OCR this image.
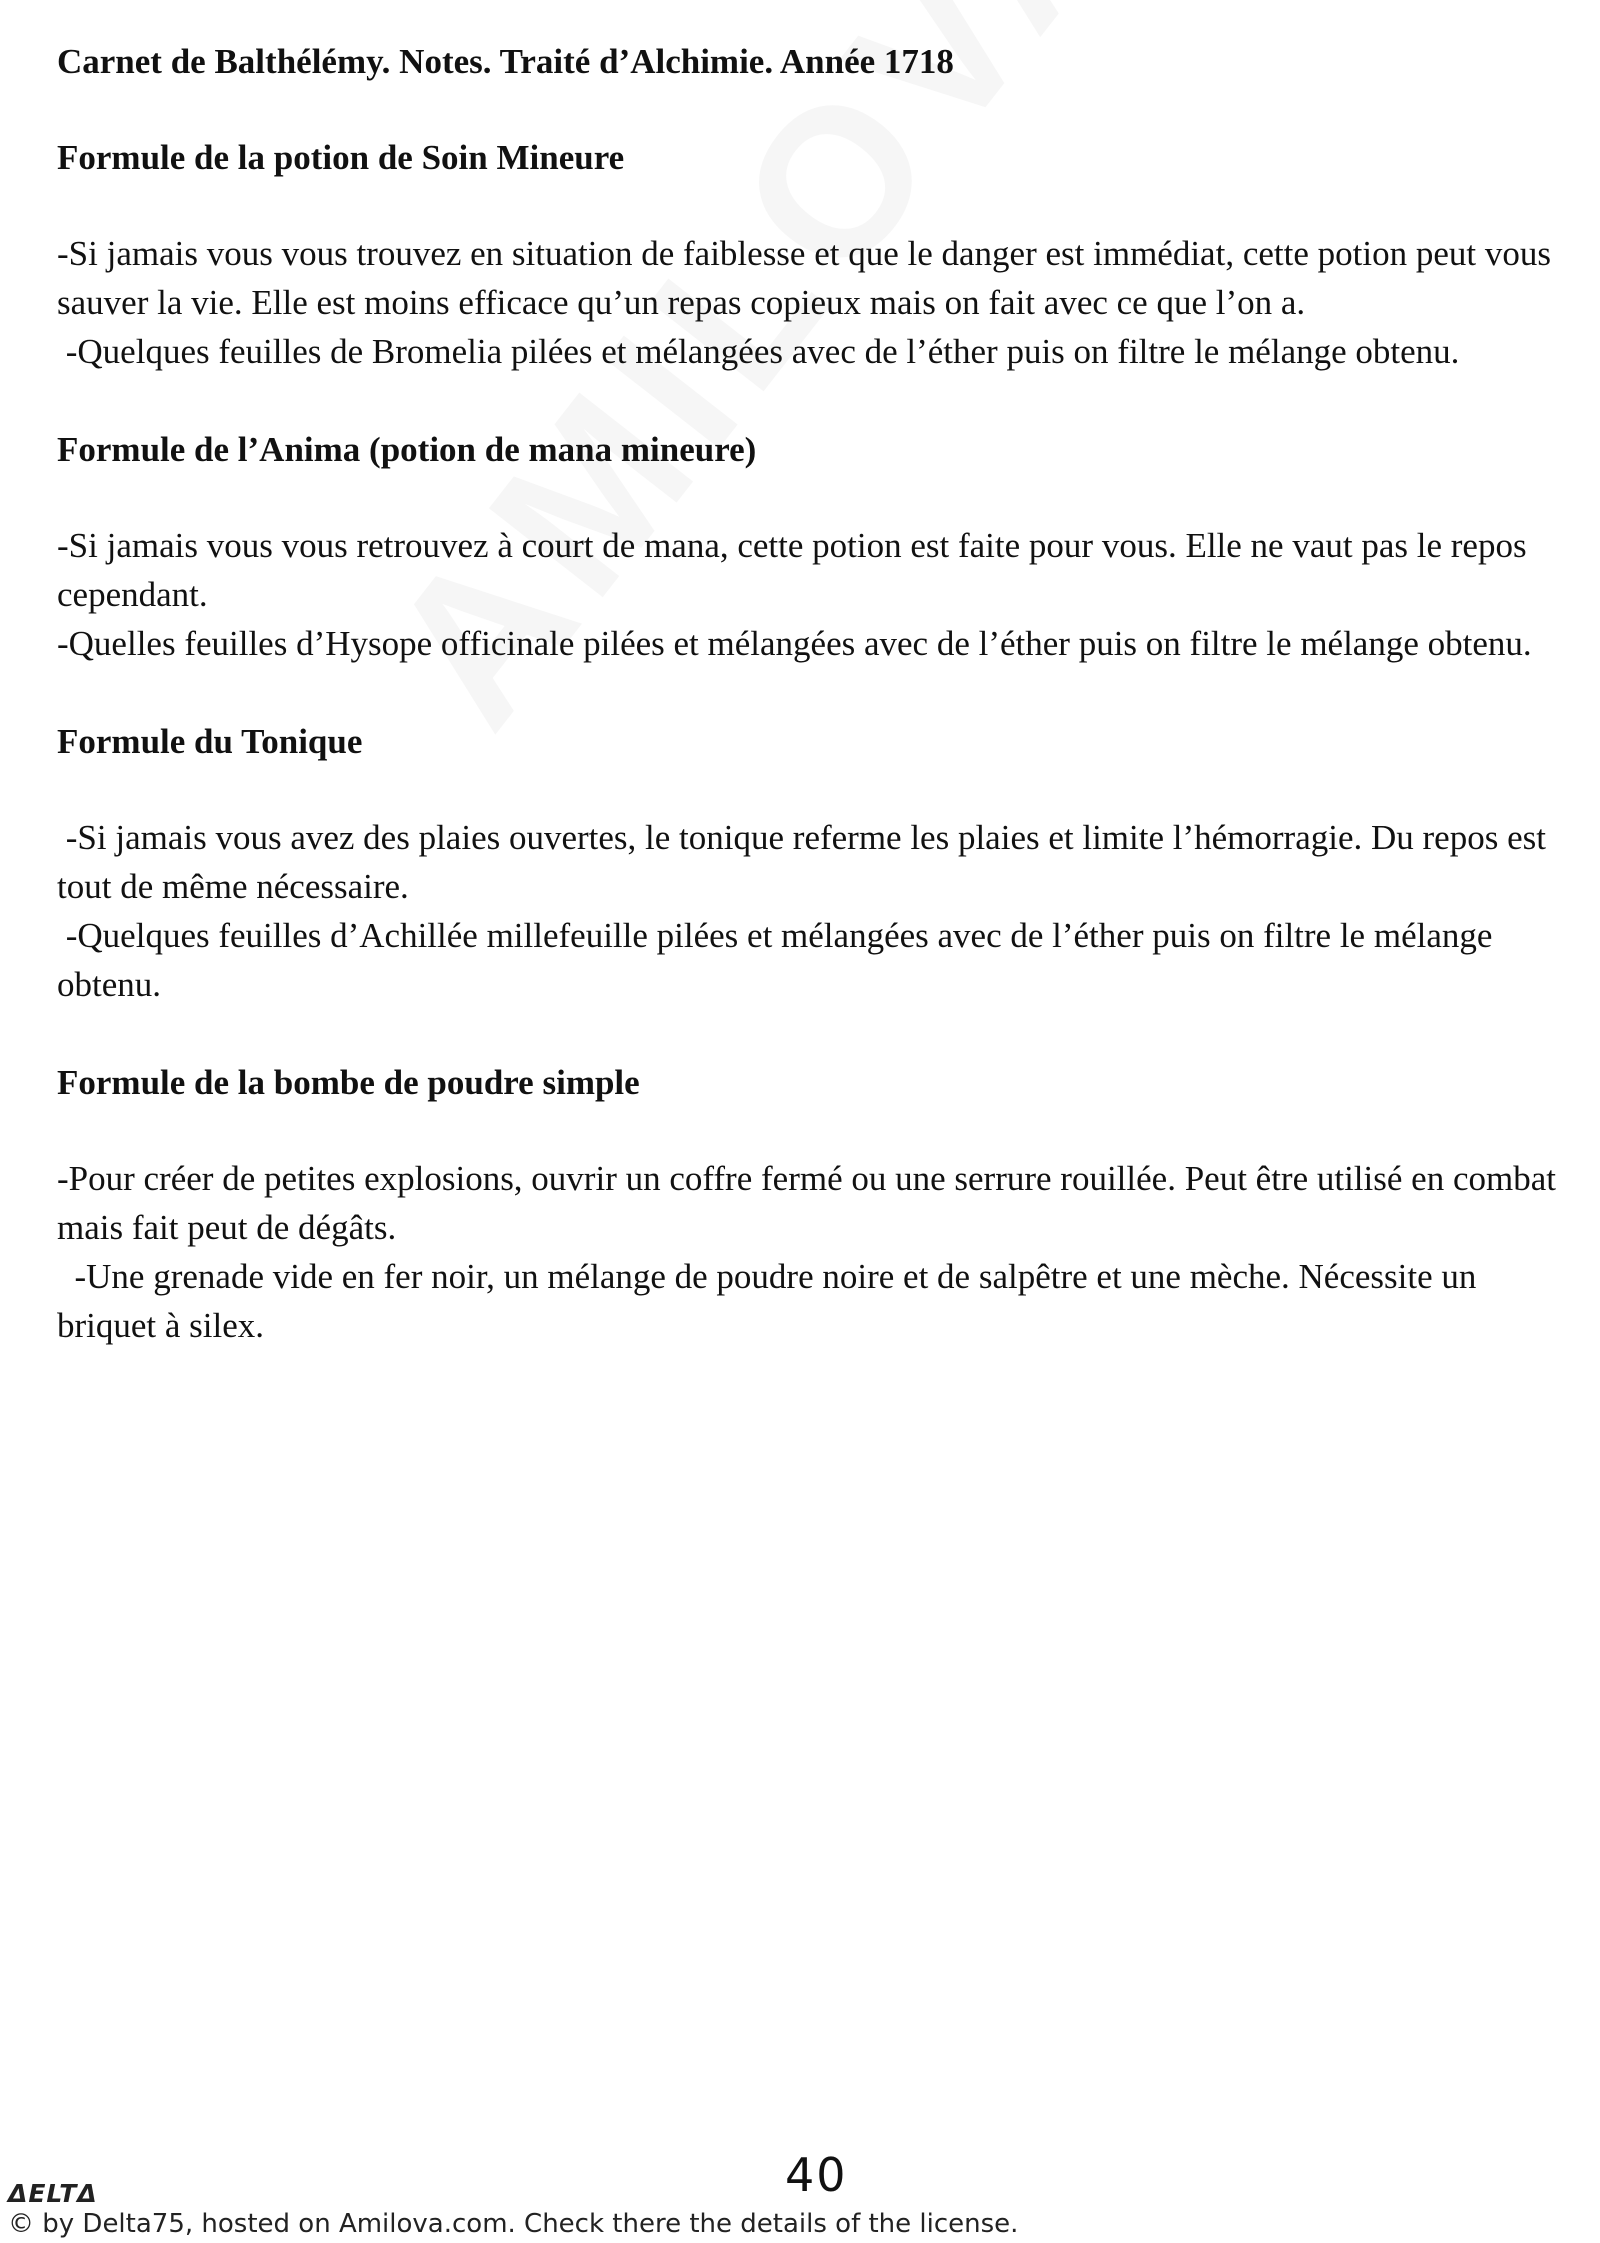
Carnet de Balthélémy. Notes. Traité d’Alchimie. Année 1718

Formule de la potion de Soin Mineure

-Si jamais vous vous trouvez en situation de faiblesse et que le danger est immédiat, cette potion peut vous sauver la vie. Elle est moins efficace qu’un repas copieux mais on fait avec ce que l’on a.

-Quelques feuilles de Bromelia pilées et mélangées avec de l’éther puis on filtre le mélange obtenu.

Formule de l’Anima (potion de mana mineure)

-Si jamais vous vous retrouvez à court de mana, cette potion est faite pour vous. Elle ne vaut pas le repos cependant.

-Quelles feuilles d’Hysope officinale pilées et mélangées avec de l’éther puis on filtre le mélange obtenu.

Formule du Tonique

-Si jamais vous avez des plaies ouvertes, le tonique referme les plaies et limite l’hémorragie. Du repos est tout de même nécessaire.

-Quelques feuilles d’Achillée millefeuille pilées et mélangées avec de l’éther puis on filtre le mélange obtenu.

Formule de la bombe de poudre simple

-Pour créer de petites explosions, ouvrir un coffre fermé ou une serrure rouillée. Peut être utilisé en combat mais fait peut de dégâts.

-Une grenade vide en fer noir, un mélange de poudre noire et de salpêtre et une mèche. Nécessite un briquet à silex.

40
ΔELTΔ
© by Delta75, hosted on Amilova.com. Check there the details of the license.
